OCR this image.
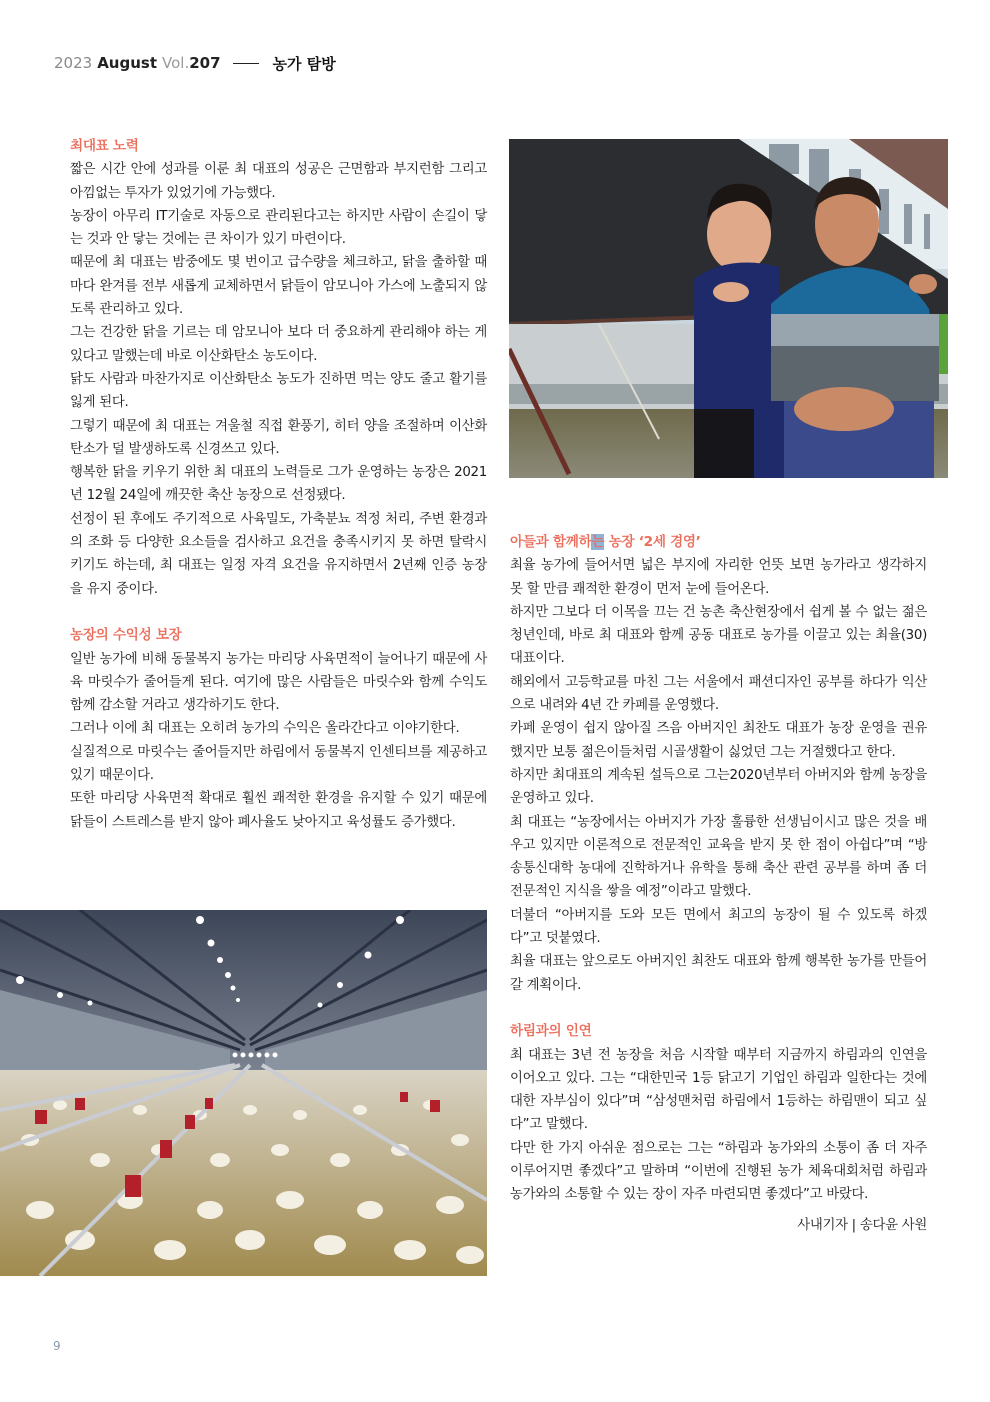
2023 August Vol.207	농가 탐방
최대표 노력

짧은 시간 안에 성과를 이룬 최 대표의 성공은 근면함과 부지런함 그리고 아낌없는 투자가 있었기에 가능했다.

농장이 아무리 IT기술로 자동으로 관리된다고는 하지만 사람이 손길이 닿는 것과 안 닿는 것에는 큰 차이가 있기 마련이다.

때문에 최 대표는 밤중에도 몇 번이고 급수량을 체크하고, 닭을 출하할 때마다 완겨를 전부 새롭게 교체하면서 닭들이 암모니아 가스에 노출되지 않도록 관리하고 있다.

그는 건강한 닭을 기르는 데 암모니아 보다 더 중요하게 관리해야 하는 게 있다고 말했는데 바로 이산화탄소 농도이다.

닭도 사람과 마찬가지로 이산화탄소 농도가 진하면 먹는 양도 줄고 활기를 잃게 된다.

그렇기 때문에 최 대표는 겨울철 직접 환풍기, 히터 양을 조절하며 이산화탄소가 덜 발생하도록 신경쓰고 있다.

행복한 닭을 키우기 위한 최 대표의 노력들로 그가 운영하는 농장은 2021년 12월 24일에 깨끗한 축산 농장으로 선정됐다.

선정이 된 후에도 주기적으로 사육밀도, 가축분뇨 적정 처리, 주변 환경과의 조화 등 다양한 요소들을 검사하고 요건을 충족시키지 못 하면 탈락시키기도 하는데, 최 대표는 일정 자격 요건을 유지하면서 2년째 인증 농장을 유지 중이다.

농장의 수익성 보장

일반 농가에 비해 동물복지 농가는 마리당 사육면적이 늘어나기 때문에 사육 마릿수가 줄어들게 된다. 여기에 많은 사람들은 마릿수와 함께 수익도 함께 감소할 거라고 생각하기도 한다.

그러나 이에 최 대표는 오히려 농가의 수익은 올라간다고 이야기한다.

실질적으로 마릿수는 줄어들지만 하림에서 동물복지 인센티브를 제공하고 있기 때문이다.

또한 마리당 사육면적 확대로 훨씬 쾌적한 환경을 유지할 수 있기 때문에 닭들이 스트레스를 받지 않아 폐사율도 낮아지고 육성률도 증가했다.

아들과 함께하는 농장 ‘2세 경영’

최율 농가에 들어서면 넓은 부지에 자리한 언뜻 보면 농가라고 생각하지 못 할 만큼 쾌적한 환경이 먼저 눈에 들어온다.

하지만 그보다 더 이목을 끄는 건 농촌 축산현장에서 쉽게 볼 수 없는 젊은 청년인데, 바로 최 대표와 함께 공동 대표로 농가를 이끌고 있는 최율(30) 대표이다.

해외에서 고등학교를 마친 그는 서울에서 패션디자인 공부를 하다가 익산으로 내려와 4년 간 카페를 운영했다.

카페 운영이 쉽지 않아질 즈음 아버지인 최찬도 대표가 농장 운영을 권유했지만 보통 젊은이들처럼 시골생활이 싫었던 그는 거절했다고 한다.

하지만 최대표의 계속된 설득으로 그는2020년부터 아버지와 함께 농장을 운영하고 있다.

최 대표는 “농장에서는 아버지가 가장 훌륭한 선생님이시고 많은 것을 배우고 있지만 이론적으로 전문적인 교육을 받지 못 한 점이 아쉽다”며 “방송통신대학 농대에 진학하거나 유학을 통해 축산 관련 공부를 하며 좀 더 전문적인 지식을 쌓을 예정”이라고 말했다.

더불더 “아버지를 도와 모든 면에서 최고의 농장이 될 수 있도록 하겠다”고 덧붙였다.

최율 대표는 앞으로도 아버지인 최찬도 대표와 함께 행복한 농가를 만들어 갈 계획이다.

하림과의 인연

최 대표는 3년 전 농장을 처음 시작할 때부터 지금까지 하림과의 인연을 이어오고 있다. 그는 “대한민국 1등 닭고기 기업인 하림과 일한다는 것에 대한 자부심이 있다”며 “삼성맨처럼 하림에서 1등하는 하림맨이 되고 싶다”고 말했다.

다만 한 가지 아쉬운 점으로는 그는 “하림과 농가와의 소통이 좀 더 자주 이루어지면 좋겠다”고 말하며 “이번에 진행된 농가 체육대회처럼 하림과 농가와의 소통할 수 있는 장이 자주 마련되면 좋겠다”고 바랐다.

사내기자 | 송다윤 사원
9
